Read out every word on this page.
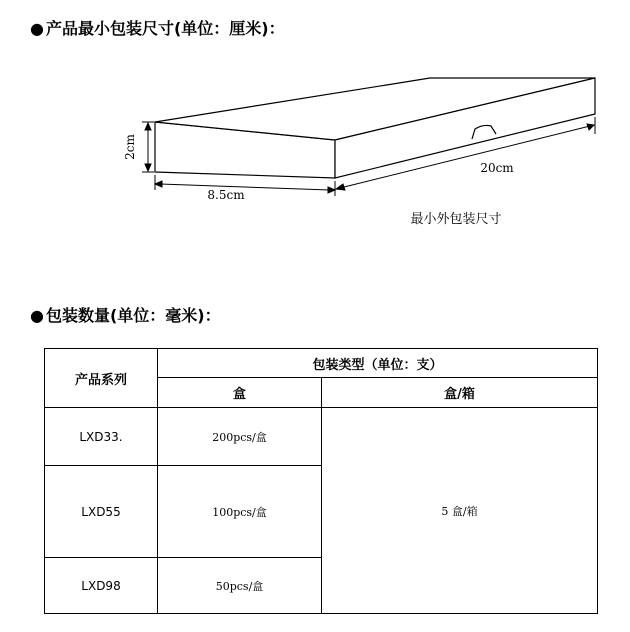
● 产品最小包装尺寸(单位：厘米)：
2cm
8.5cm
20cm
最小外包装尺寸
● 包装数量(单位：毫米)：
产品系列	包装类型（单位：支）	
	盒	盒/箱
LXD33.	200pcs/盒	5 盒/箱
LXD55	100pcs/盒	
LXD98	50pcs/盒	
